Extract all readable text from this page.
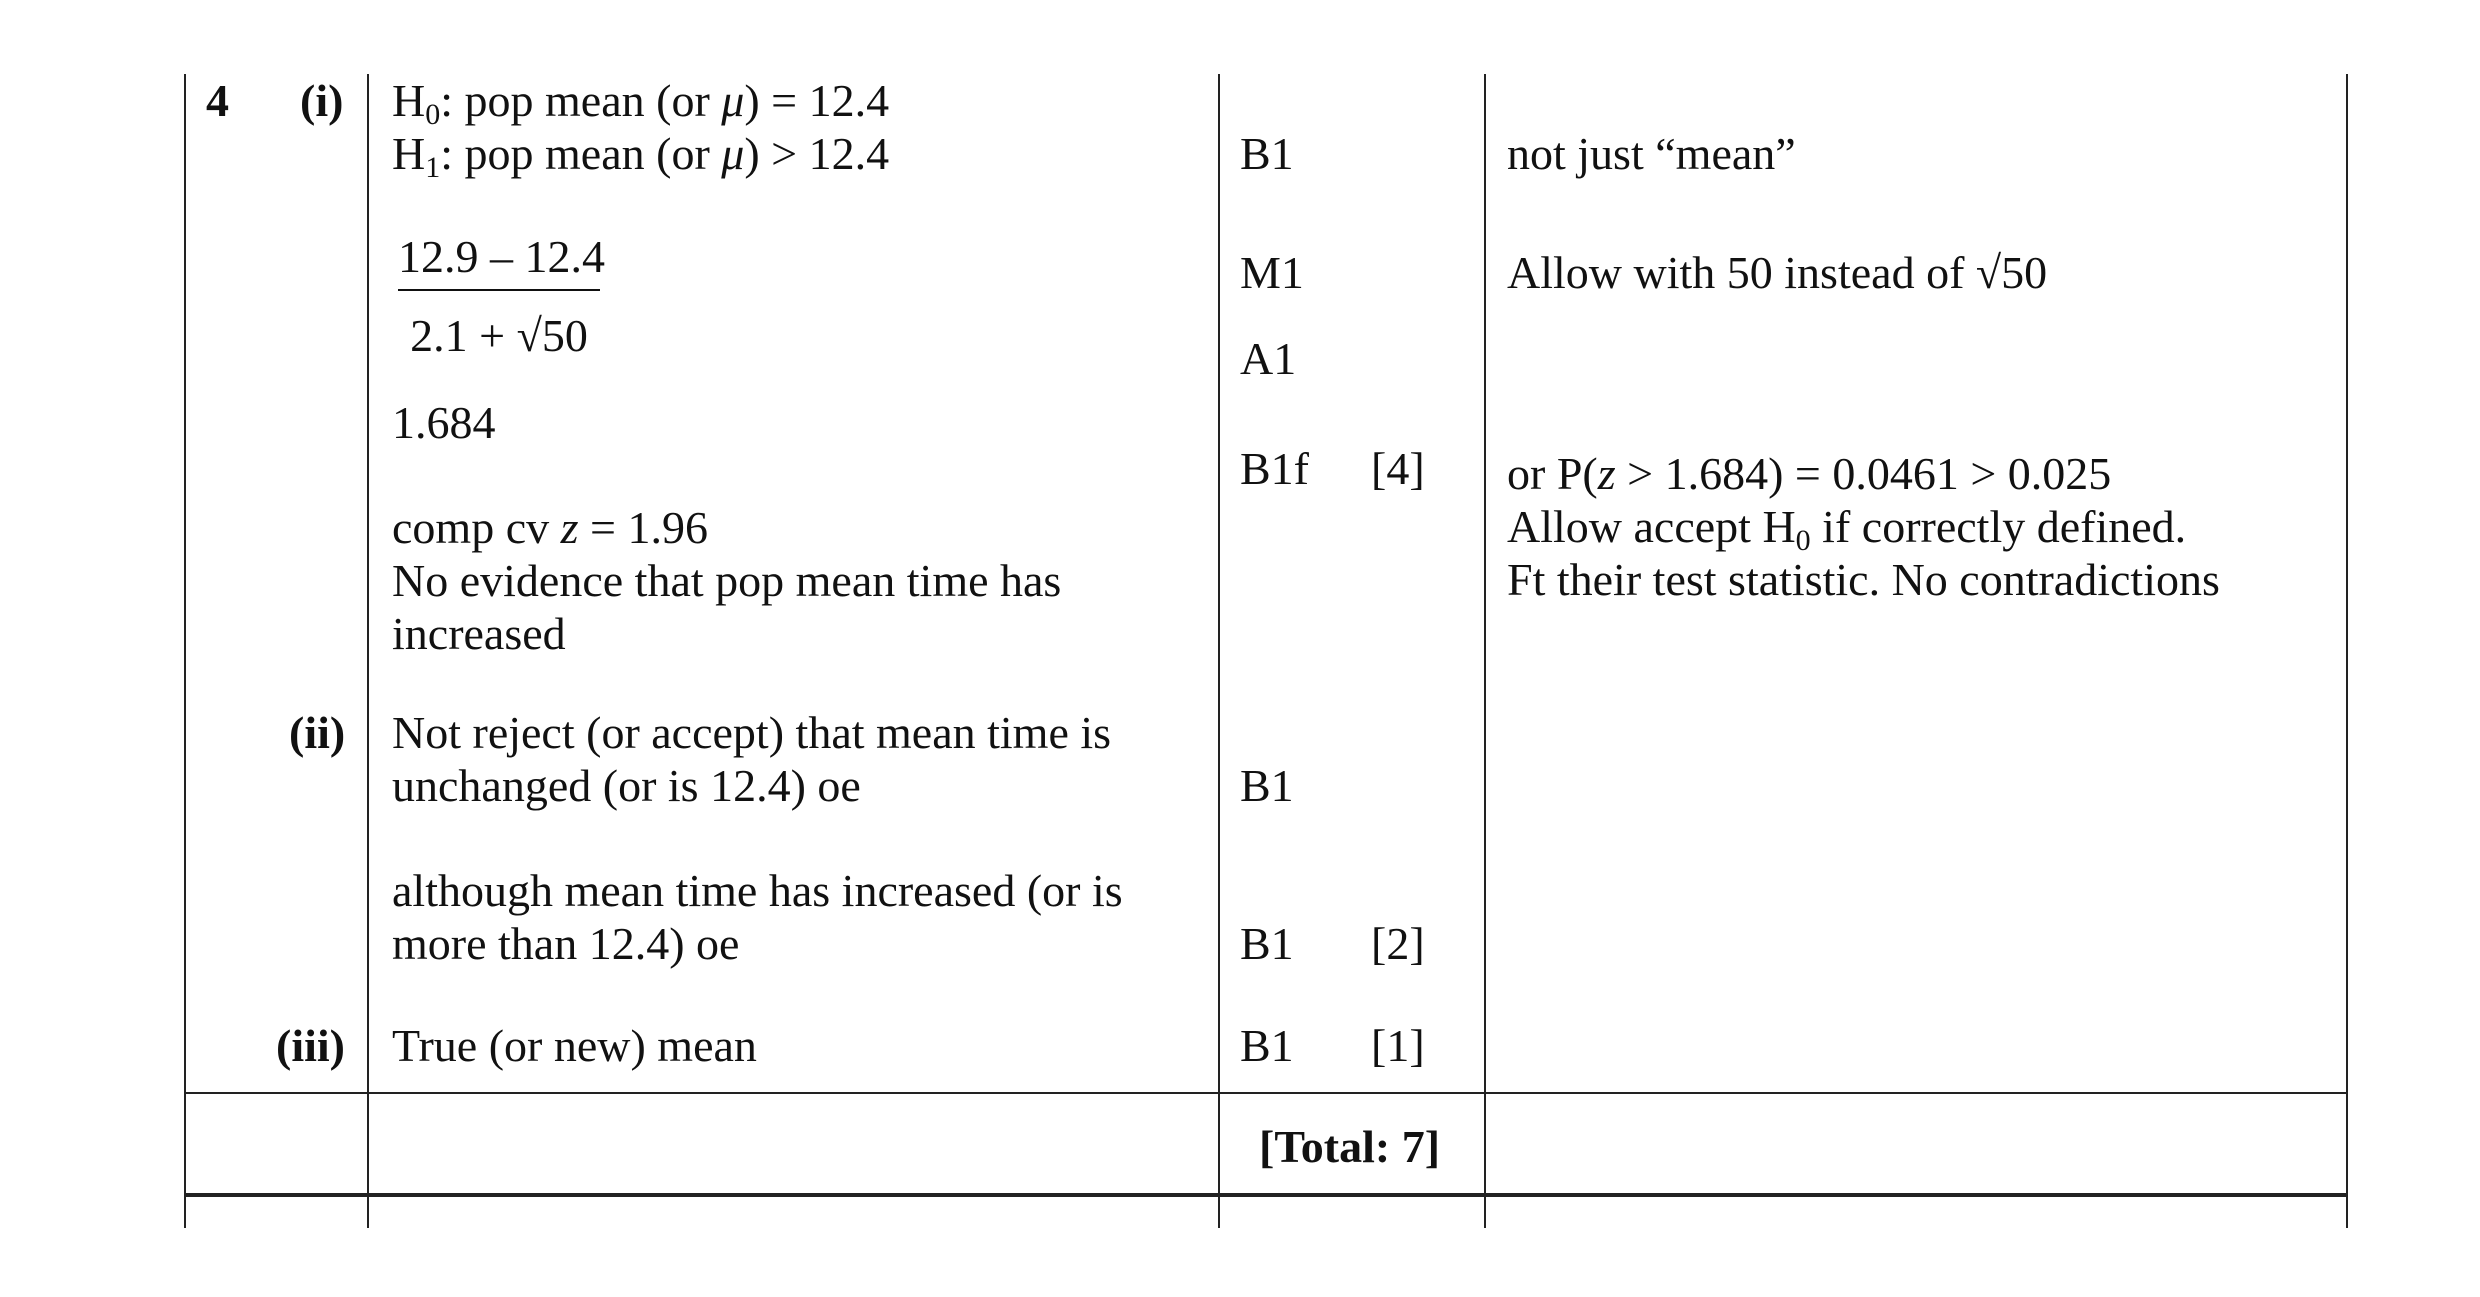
4 (i)
(ii)
(iii)
$H_0$: pop mean (or μ) = 12.4
$H_1$: pop mean (or μ) > 12.4
12.9 – 12.4
2.1 + √50
1.684
comp cv z = 1.96
No evidence that pop mean time has
increased
Not reject (or accept) that mean time is
unchanged (or is 12.4) oe
although mean time has increased (or is
more than 12.4) oe
True (or new) mean
B1
M1
A1
B1f [4]
B1
B1 [2]
B1 [1]
[Total: 7]
not just “mean”
Allow with 50 instead of √50
or P(z > 1.684) = 0.0461 > 0.025
Allow accept $H_0$ if correctly defined.
Ft their test statistic. No contradictions
